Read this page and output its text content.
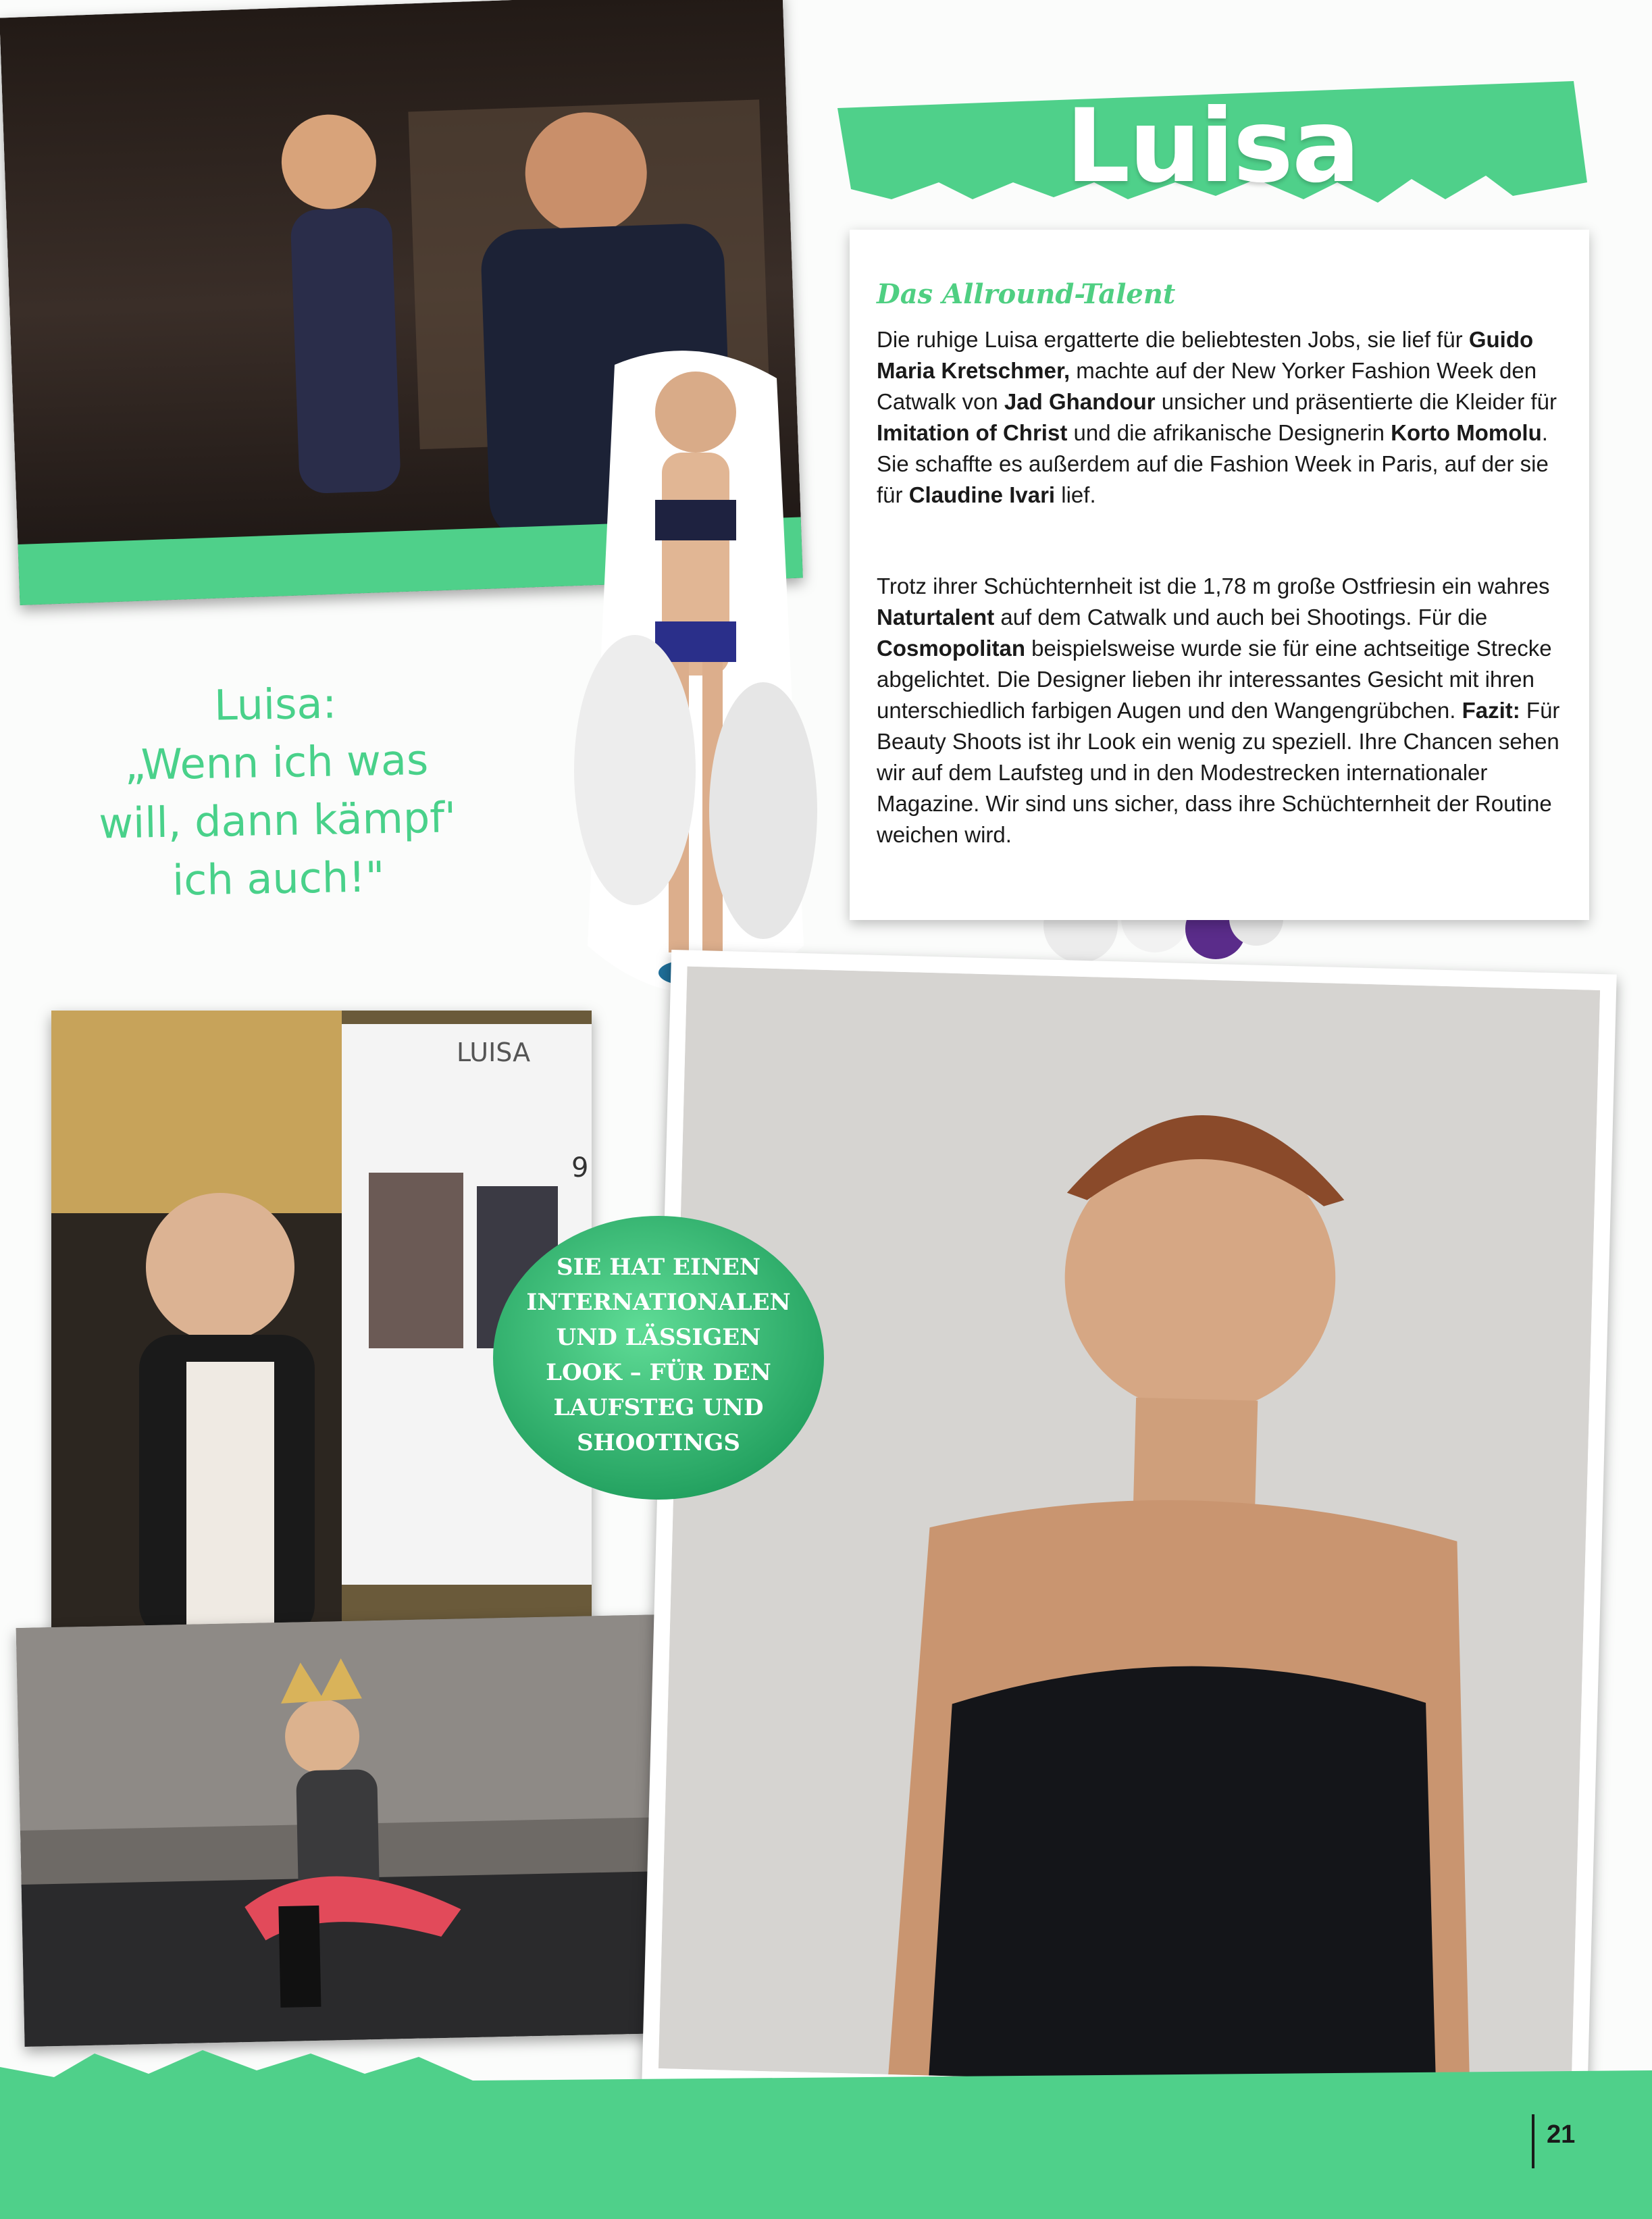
Luisa
Das Allround-Talent

Die ruhige Luisa ergatterte die beliebtesten Jobs, sie lief für Guido Maria Kretschmer, machte auf der New Yorker Fashion Week den Catwalk von Jad Ghandour unsicher und präsentierte die Kleider für Imitation of Christ und die afrikanische Designerin Korto Momolu. Sie schaffte es außerdem auf die Fashion Week in Paris, auf der sie für Claudine Ivari lief.

Trotz ihrer Schüchternheit ist die 1,78 m große Ostfriesin ein wahres Naturtalent auf dem Catwalk und auch bei Shootings. Für die Cosmopolitan beispielsweise wurde sie für eine achtseitige Strecke abgelichtet. Die Designer lieben ihr interessantes Gesicht mit ihren unterschiedlich farbigen Augen und den Wangengrübchen. Fazit: Für Beauty Shoots ist ihr Look ein wenig zu speziell. Ihre Chancen sehen wir auf dem Laufsteg und in den Modestrecken internationaler Magazine. Wir sind uns sicher, dass ihre Schüchternheit der Routine weichen wird.

Luisa:
„Wenn ich was
will, dann kämpf'
ich auch!"
LUISA
9
SIE HAT EINEN
INTERNATIONALEN
UND LÄSSIGEN
LOOK – FÜR DEN
LAUFSTEG UND
SHOOTINGS
21
